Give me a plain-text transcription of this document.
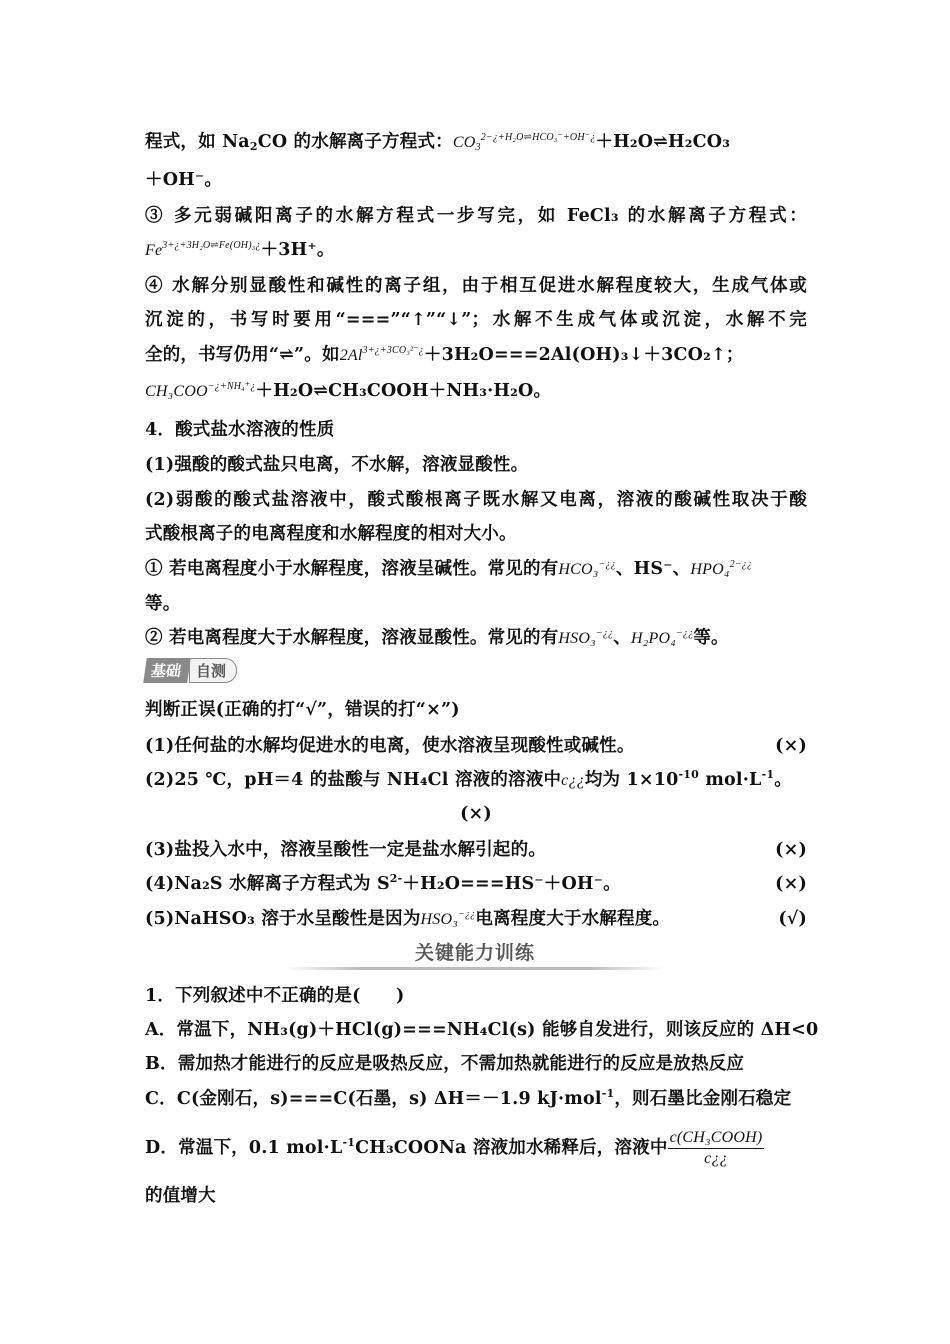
程式，如 $Na_2CO$ 的水解离子方程式：$CO_3^{2-¿+H_2O\rightleftharpoons HCO_3^-+OH^-¿}+H_2O\rightleftharpoons H_2CO_3$
＋OH⁻。
③ 多元弱碱阳离子的水解方程式一步写完，如 FeCl₃ 的水解离子方程式：
$Fe^{3+¿+3H_2O\rightleftharpoons Fe(OH)_3¿}+3H^+$。
④ 水解分别显酸性和碱性的离子组，由于相互促进水解程度较大，生成气体或
沉淀的，书写时要用“===”“↑”“↓”；水解不生成气体或沉淀，水解不完
全的，书写仍用“⇌”。如$2Al^{3+¿+3CO_3^{2-}¿}+3H_2O===2Al(OH)_3↓+3CO_2↑$；
$CH_3COO^{-¿+NH_4^+¿}+H_2O\rightleftharpoons CH_3COOH+NH_3\cdot H_2O$。
4．酸式盐水溶液的性质
(1)强酸的酸式盐只电离，不水解，溶液显酸性。
(2)弱酸的酸式盐溶液中，酸式酸根离子既水解又电离，溶液的酸碱性取决于酸
式酸根离子的电离程度和水解程度的相对大小。
① 若电离程度小于水解程度，溶液呈碱性。常见的有HCO₃−¿¿、HS⁻、HPO₄$^{2-¿¿}$
等。
② 若电离程度大于水解程度，溶液显酸性。常见的有HSO₃−¿¿、H₂PO₄−¿¿等。
基础 自测
判断正误(正确的打“√”，错误的打“×”)
(1)任何盐的水解均促进水的电离，使水溶液呈现酸性或碱性。	(×)
(2)25 ℃，pH＝4 的盐酸与 NH₄Cl 溶液的溶液中c¿¿均为 $1\times 10^{-10}$ $mol\cdot L^{-1}$。
(×)
(3)盐投入水中，溶液呈酸性一定是盐水解引起的。	(×)
(4)Na₂S 水解离子方程式为 $S^{2-}+H_2O===HS^-+OH^-$。	(×)
(5)NaHSO₃ 溶于水呈酸性是因为HSO₃−¿¿电离程度大于水解程度。	(√)
关键能力训练
1．下列叙述中不正确的是(　　)
A．常温下，NH₃(g)＋HCl(g)===NH₄Cl(s) 能够自发进行，则该反应的 ΔH<0
B．需加热才能进行的反应是吸热反应，不需加热就能进行的反应是放热反应
C．C(金刚石，s)===C(石墨，s) ΔH＝－1.9 kJ·mol$^{-1}$，则石墨比金刚石稳定
D．常温下，0.1 $mol\cdot L^{-1}CH_3COONa$ 溶液加水稀释后，溶液中 $\frac{\text{c(CH₃COOH)}}{c¿¿}$
的值增大
